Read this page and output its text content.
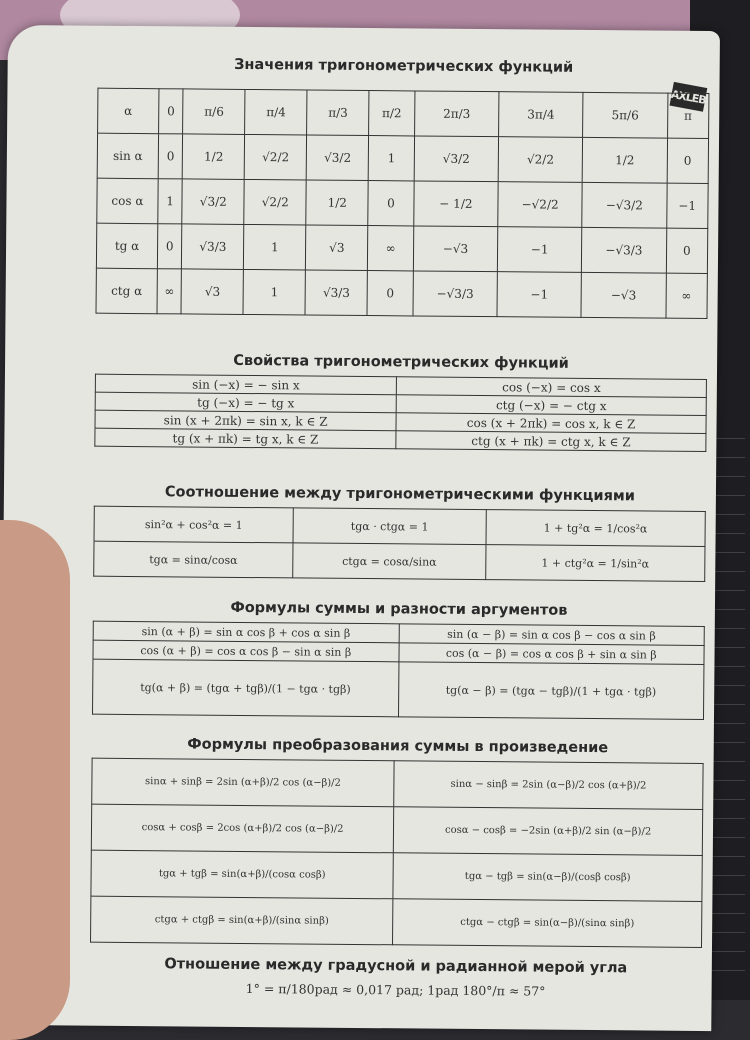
AXLEB
Значения тригонометрических функций
α	0	π/6	π/4	π/3	π/2	2π/3	3π/4	5π/6	π
sin α	0	1/2	√2/2	√3/2	1	√3/2	√2/2	1/2	0
cos α	1	√3/2	√2/2	1/2	0	− 1/2	−√2/2	−√3/2	−1
tg α	0	√3/3	1	√3	∞	−√3	−1	−√3/3	0
ctg α	∞	√3	1	√3/3	0	−√3/3	−1	−√3	∞
Свойства тригонометрических функций
sin (−x) = − sin x	cos (−x) = cos x
tg (−x) = − tg x	ctg (−x) = − ctg x
sin (x + 2πk) = sin x, k ∈ Z	cos (x + 2πk) = cos x, k ∈ Z
tg (x + πk) = tg x, k ∈ Z	ctg (x + πk) = ctg x, k ∈ Z
Соотношение между тригонометрическими функциями
sin²α + cos²α = 1	tgα · ctgα = 1	1 + tg²α = 1/cos²α
tgα = sinα/cosα	ctgα = cosα/sinα	1 + ctg²α = 1/sin²α
Формулы суммы и разности аргументов
sin (α + β) = sin α cos β + cos α sin β	sin (α − β) = sin α cos β − cos α sin β
cos (α + β) = cos α cos β − sin α sin β	cos (α − β) = cos α cos β + sin α sin β
tg(α + β) = (tgα + tgβ)/(1 − tgα · tgβ)	tg(α − β) = (tgα − tgβ)/(1 + tgα · tgβ)
Формулы преобразования суммы в произведение
sinα + sinβ = 2sin (α+β)/2 cos (α−β)/2	sinα − sinβ = 2sin (α−β)/2 cos (α+β)/2
cosα + cosβ = 2cos (α+β)/2 cos (α−β)/2	cosα − cosβ = −2sin (α+β)/2 sin (α−β)/2
tgα + tgβ = sin(α+β)/(cosα cosβ)	tgα − tgβ = sin(α−β)/(cosβ cosβ)
ctgα + ctgβ = sin(α+β)/(sinα sinβ)	ctgα − ctgβ = sin(α−β)/(sinα sinβ)
Отношение между градусной и радианной мерой угла
1° = π/180рад ≈ 0,017 рад; 1рад 180°/π ≈ 57°
